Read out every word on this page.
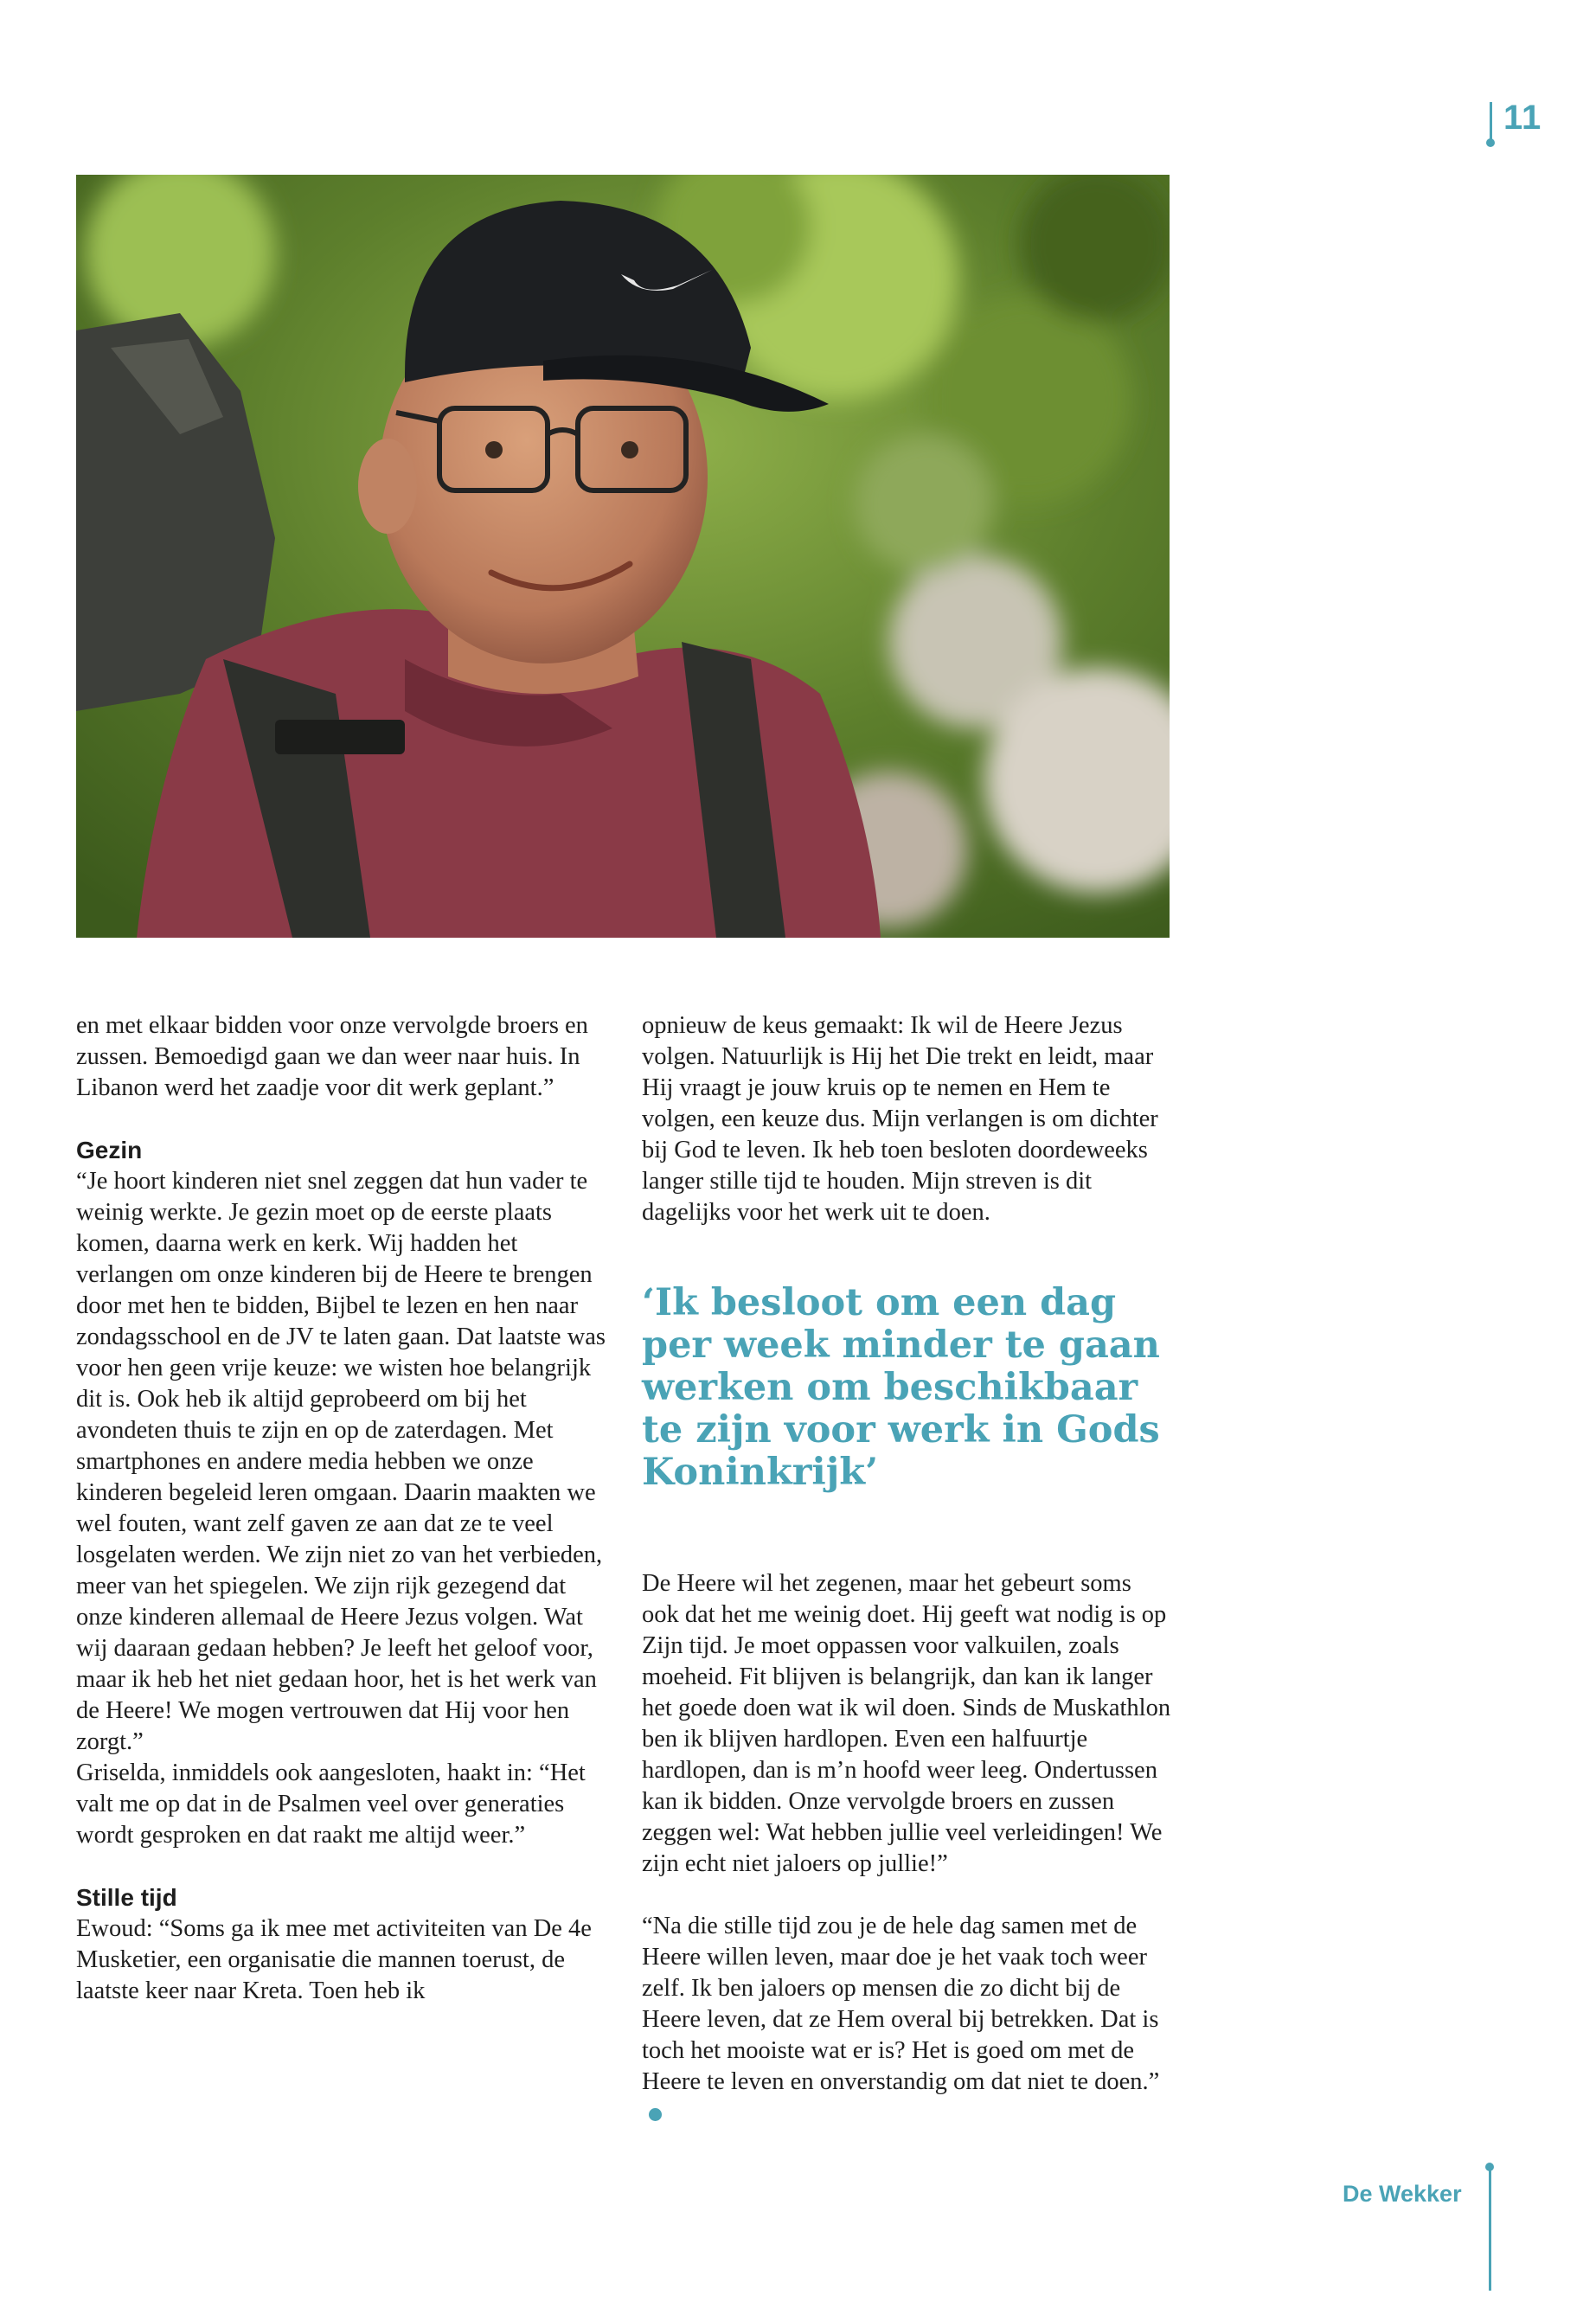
11

en met elkaar bidden voor onze vervolgde broers en zussen. Bemoedigd gaan we dan weer naar huis. In Libanon werd het zaadje voor dit werk geplant.”

Gezin

“Je hoort kinderen niet snel zeggen dat hun vader te weinig werkte. Je gezin moet op de eerste plaats komen, daarna werk en kerk. Wij hadden het verlangen om onze kinderen bij de Heere te brengen door met hen te bidden, Bijbel te lezen en hen naar zondagsschool en de JV te laten gaan. Dat laatste was voor hen geen vrije keuze: we wisten hoe belangrijk dit is. Ook heb ik altijd geprobeerd om bij het avondeten thuis te zijn en op de zaterdagen. Met smartphones en andere media hebben we onze kinderen begeleid leren omgaan. Daarin maakten we wel fouten, want zelf gaven ze aan dat ze te veel losgelaten werden. We zijn niet zo van het verbieden, meer van het spiegelen. We zijn rijk gezegend dat onze kinderen allemaal de Heere Jezus volgen. Wat wij daaraan gedaan hebben? Je leeft het geloof voor, maar ik heb het niet gedaan hoor, het is het werk van de Heere! We mogen vertrouwen dat Hij voor hen zorgt.”

Griselda, inmiddels ook aangesloten, haakt in: “Het valt me op dat in de Psalmen veel over generaties wordt gesproken en dat raakt me altijd weer.”

Stille tijd

Ewoud: “Soms ga ik mee met activiteiten van De 4e Musketier, een organisatie die mannen toerust, de laatste keer naar Kreta. Toen heb ik

opnieuw de keus gemaakt: Ik wil de Heere Jezus volgen. Natuurlijk is Hij het Die trekt en leidt, maar Hij vraagt je jouw kruis op te nemen en Hem te volgen, een keuze dus. Mijn verlangen is om dichter bij God te leven. Ik heb toen besloten doordeweeks langer stille tijd te houden. Mijn streven is dit dagelijks voor het werk uit te doen.

‘Ik besloot om een dag per week minder te gaan werken om beschikbaar te zijn voor werk in Gods Koninkrijk’

De Heere wil het zegenen, maar het gebeurt soms ook dat het me weinig doet. Hij geeft wat nodig is op Zijn tijd. Je moet oppassen voor valkuilen, zoals moeheid. Fit blijven is belangrijk, dan kan ik langer het goede doen wat ik wil doen. Sinds de Muskathlon ben ik blijven hardlopen. Even een halfuurtje hardlopen, dan is m’n hoofd weer leeg. Ondertussen kan ik bidden. Onze vervolgde broers en zussen zeggen wel: Wat hebben jullie veel verleidingen! We zijn echt niet jaloers op jullie!”

“Na die stille tijd zou je de hele dag samen met de Heere willen leven, maar doe je het vaak toch weer zelf. Ik ben jaloers op mensen die zo dicht bij de Heere leven, dat ze Hem overal bij betrekken. Dat is toch het mooiste wat er is? Het is goed om met de Heere te leven en onverstandig om dat niet te doen.”

De Wekker
